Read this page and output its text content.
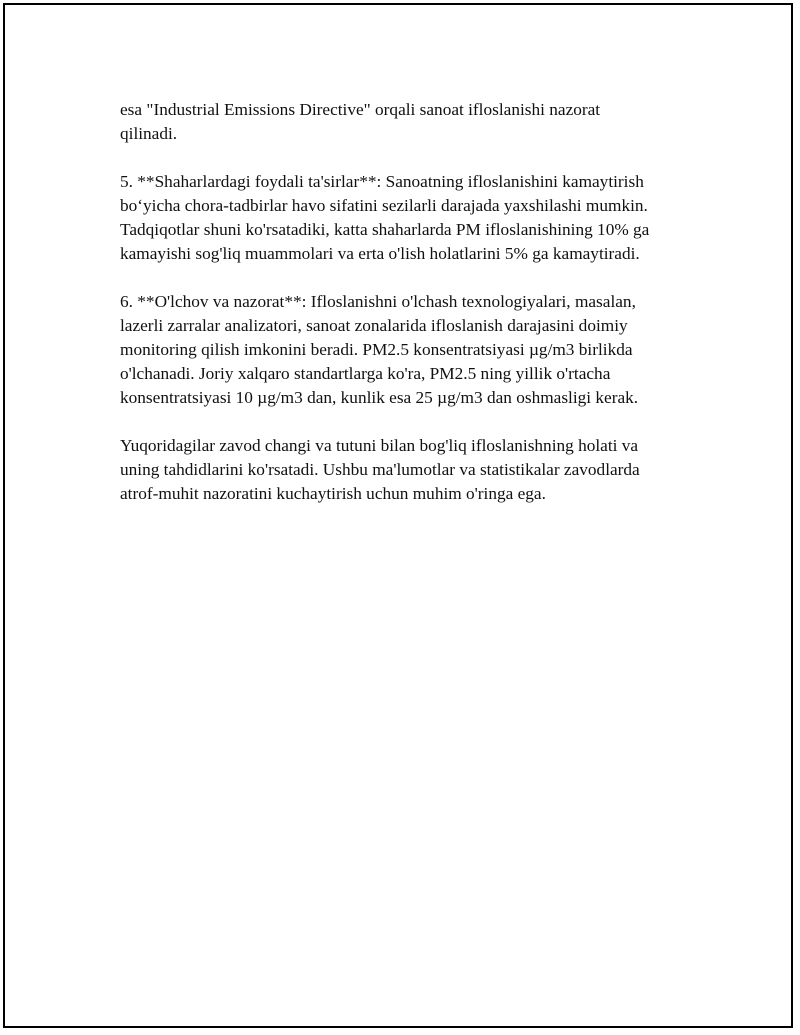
esa "Industrial Emissions Directive" orqali sanoat ifloslanishi nazorat
qilinadi.

5. **Shaharlardagi foydali ta'sirlar**: Sanoatning ifloslanishini kamaytirish
bo‘yicha chora-tadbirlar havo sifatini sezilarli darajada yaxshilashi mumkin.
Tadqiqotlar shuni ko'rsatadiki, katta shaharlarda PM ifloslanishining 10% ga
kamayishi sog'liq muammolari va erta o'lish holatlarini 5% ga kamaytiradi.

6. **O'lchov va nazorat**: Ifloslanishni o'lchash texnologiyalari, masalan,
lazerli zarralar analizatori, sanoat zonalarida ifloslanish darajasini doimiy
monitoring qilish imkonini beradi. PM2.5 konsentratsiyasi µg/m3 birlikda
o'lchanadi. Joriy xalqaro standartlarga ko'ra, PM2.5 ning yillik o'rtacha
konsentratsiyasi 10 µg/m3 dan, kunlik esa 25 µg/m3 dan oshmasligi kerak.

Yuqoridagilar zavod changi va tutuni bilan bog'liq ifloslanishning holati va
uning tahdidlarini ko'rsatadi. Ushbu ma'lumotlar va statistikalar zavodlarda
atrof-muhit nazoratini kuchaytirish uchun muhim o'ringa ega.
